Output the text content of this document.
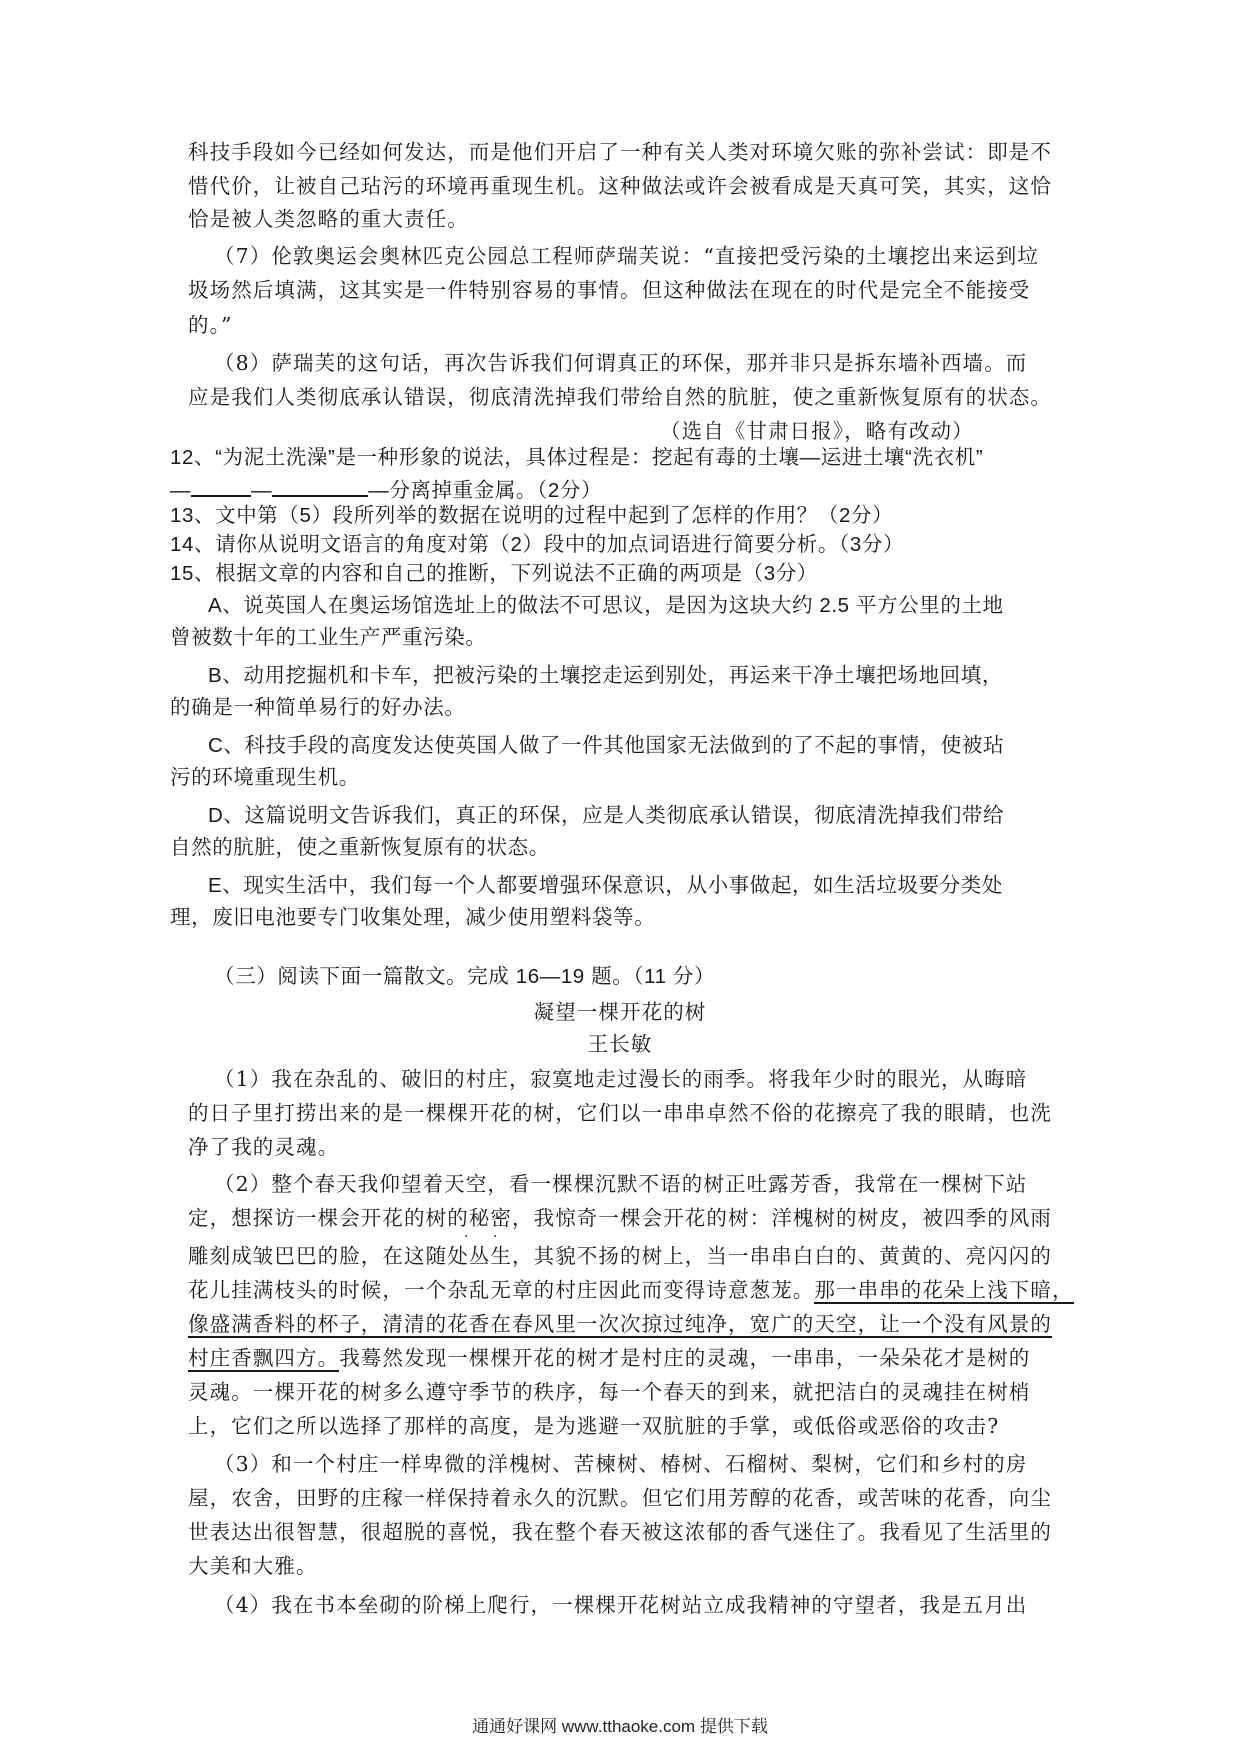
科技手段如今已经如何发达，而是他们开启了一种有关人类对环境欠账的弥补尝试：即是不
惜代价，让被自己玷污的环境再重现生机。这种做法或许会被看成是天真可笑，其实，这恰
恰是被人类忽略的重大责任。
（7）伦敦奥运会奥林匹克公园总工程师萨瑞芙说：“直接把受污染的土壤挖出来运到垃
圾场然后填满，这其实是一件特别容易的事情。但这种做法在现在的时代是完全不能接受
的。”
（8）萨瑞芙的这句话，再次告诉我们何谓真正的环保，那并非只是拆东墙补西墙。而
应是我们人类彻底承认错误，彻底清洗掉我们带给自然的肮脏，使之重新恢复原有的状态。
（选自《甘肃日报》，略有改动）
12、“为泥土洗澡”是一种形象的说法，具体过程是：挖起有毒的土壤—运进土壤“洗衣机”
—	—	—分离掉重金属。（2分）
13、文中第（5）段所列举的数据在说明的过程中起到了怎样的作用？（2分）
14、请你从说明文语言的角度对第（2）段中的加点词语进行简要分析。（3分）
15、根据文章的内容和自己的推断，下列说法不正确的两项是（3分）
A、说英国人在奥运场馆选址上的做法不可思议，是因为这块大约 2.5 平方公里的土地
曾被数十年的工业生产严重污染。
B、动用挖掘机和卡车，把被污染的土壤挖走运到别处，再运来干净土壤把场地回填，
的确是一种简单易行的好办法。
C、科技手段的高度发达使英国人做了一件其他国家无法做到的了不起的事情，使被玷
污的环境重现生机。
D、这篇说明文告诉我们，真正的环保，应是人类彻底承认错误，彻底清洗掉我们带给
自然的肮脏，使之重新恢复原有的状态。
E、现实生活中，我们每一个人都要增强环保意识，从小事做起，如生活垃圾要分类处
理，废旧电池要专门收集处理，减少使用塑料袋等。
（三）阅读下面一篇散文。完成 16—19 题。（11 分）
凝望一棵开花的树
王长敏
（1）我在杂乱的、破旧的村庄，寂寞地走过漫长的雨季。将我年少时的眼光，从晦暗
的日子里打捞出来的是一棵棵开花的树，它们以一串串卓然不俗的花擦亮了我的眼睛，也洗
净了我的灵魂。
（2）整个春天我仰望着天空，看一棵棵沉默不语的树正吐露芳香，我常在一棵树下站
定，想探访一棵会开花的树的秘密，我惊奇一棵会开花的树：洋槐树的树皮，被四季的风雨
· ·
雕刻成皱巴巴的脸，在这随处丛生，其貌不扬的树上，当一串串白白的、黄黄的、亮闪闪的
花儿挂满枝头的时候，一个杂乱无章的村庄因此而变得诗意葱茏。那一串串的花朵上浅下暗，
像盛满香料的杯子，清清的花香在春风里一次次掠过纯净，宽广的天空，让一个没有风景的
村庄香飘四方。我蓦然发现一棵棵开花的树才是村庄的灵魂，一串串，一朵朵花才是树的
灵魂。一棵开花的树多么遵守季节的秩序，每一个春天的到来，就把洁白的灵魂挂在树梢
上，它们之所以选择了那样的高度，是为逃避一双肮脏的手掌，或低俗或恶俗的攻击?
（3）和一个村庄一样卑微的洋槐树、苦楝树、椿树、石榴树、梨树，它们和乡村的房
屋，农舍，田野的庄稼一样保持着永久的沉默。但它们用芳醇的花香，或苦味的花香，向尘
世表达出很智慧，很超脱的喜悦，我在整个春天被这浓郁的香气迷住了。我看见了生活里的
大美和大雅。
（4）我在书本垒砌的阶梯上爬行，一棵棵开花树站立成我精神的守望者，我是五月出
通通好课网 www.tthaoke.com 提供下载
